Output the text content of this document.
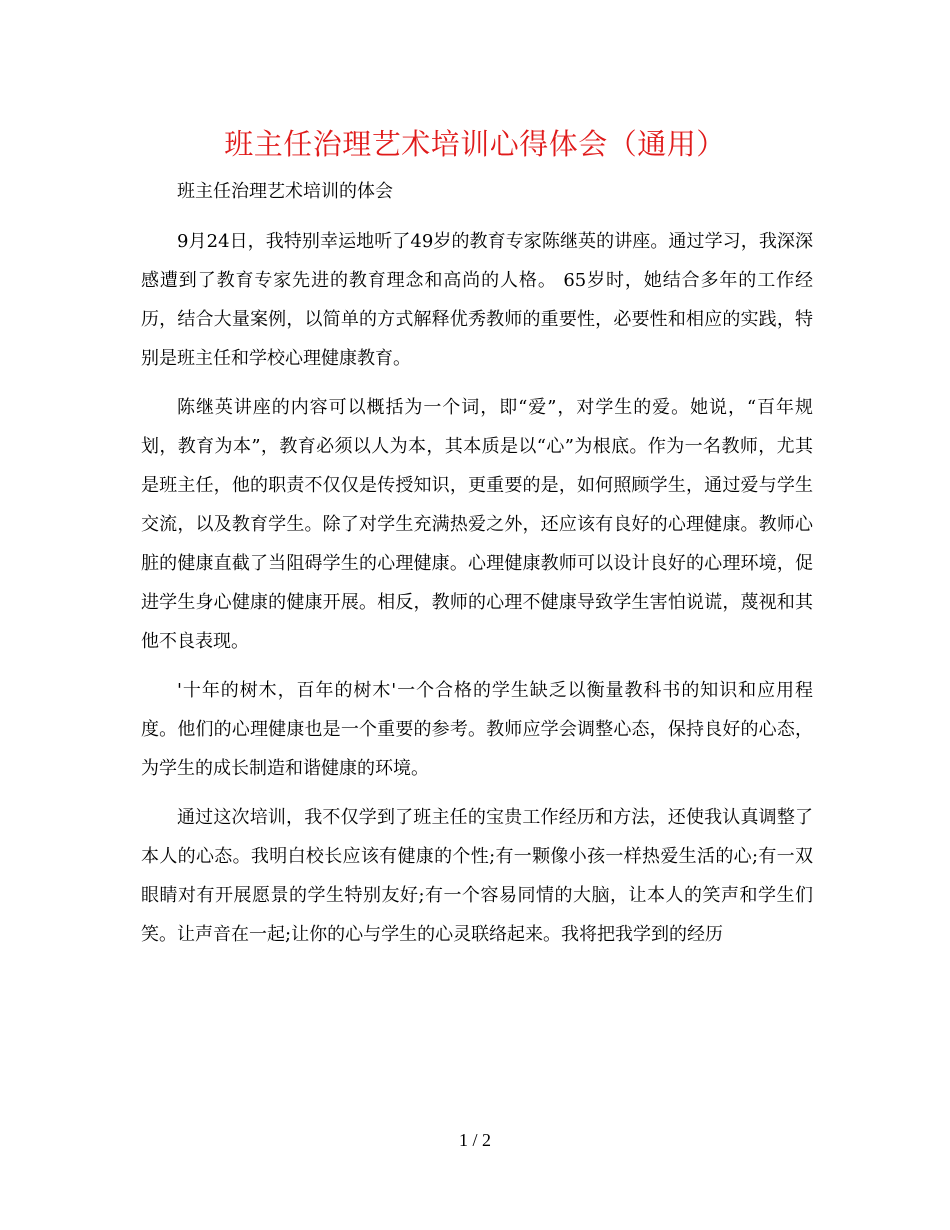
班主任治理艺术培训心得体会（通用）

班主任治理艺术培训的体会

9月24日，我特别幸运地听了49岁的教育专家陈继英的讲座。通过学习，我深深感遭到了教育专家先进的教育理念和高尚的人格。 65岁时，她结合多年的工作经历，结合大量案例，以简单的方式解释优秀教师的重要性，必要性和相应的实践，特别是班主任和学校心理健康教育。

陈继英讲座的内容可以概括为一个词，即“爱”，对学生的爱。她说，“百年规划，教育为本”，教育必须以人为本，其本质是以“心”为根底。作为一名教师，尤其是班主任，他的职责不仅仅是传授知识，更重要的是，如何照顾学生，通过爱与学生交流，以及教育学生。除了对学生充满热爱之外，还应该有良好的心理健康。教师心脏的健康直截了当阻碍学生的心理健康。心理健康教师可以设计良好的心理环境，促进学生身心健康的健康开展。相反，教师的心理不健康导致学生害怕说谎，蔑视和其他不良表现。

'十年的树木，百年的树木'一个合格的学生缺乏以衡量教科书的知识和应用程度。他们的心理健康也是一个重要的参考。教师应学会调整心态，保持良好的心态，为学生的成长制造和谐健康的环境。

通过这次培训，我不仅学到了班主任的宝贵工作经历和方法，还使我认真调整了本人的心态。我明白校长应该有健康的个性;有一颗像小孩一样热爱生活的心;有一双眼睛对有开展愿景的学生特别友好;有一个容易同情的大脑，让本人的笑声和学生们笑。让声音在一起;让你的心与学生的心灵联络起来。我将把我学到的经历

1 / 2
